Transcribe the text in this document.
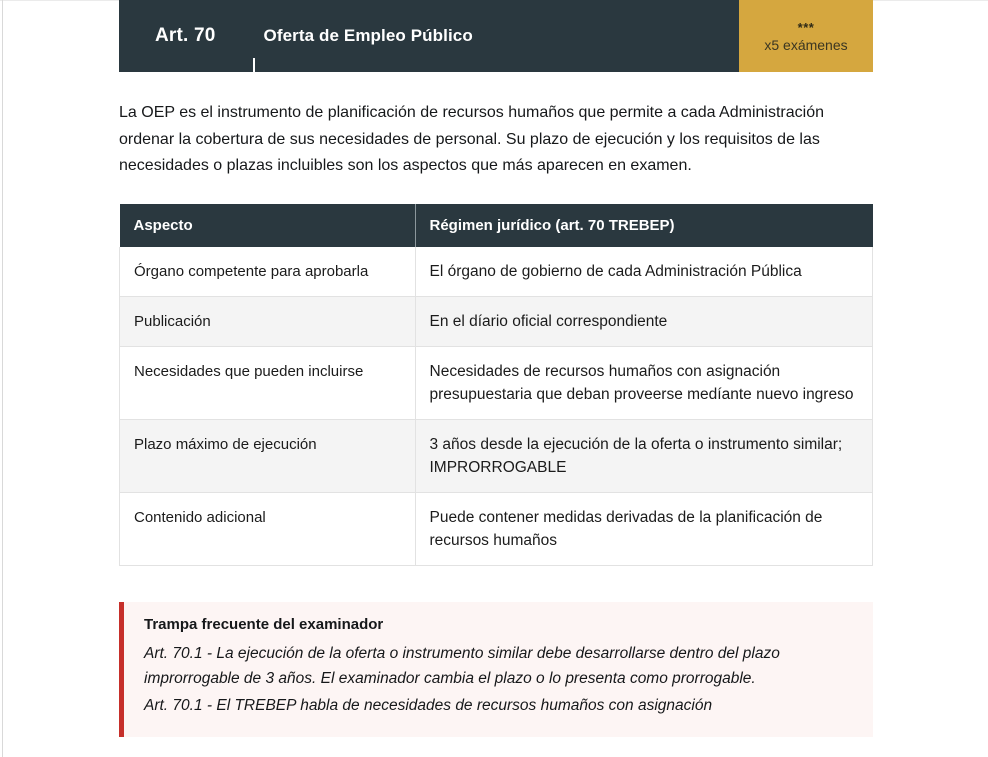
Art. 70	Oferta de Empleo Público	***
x5 exámenes

La OEP es el instrumento de planificación de recursos humaños que permite a cada Administración ordenar la cobertura de sus necesidades de personal. Su plazo de ejecución y los requisitos de las necesidades o plazas incluibles son los aspectos que más aparecen en examen.

Aspecto	Régimen jurídico (art. 70 TREBEP)
Órgano competente para aprobarla	El órgano de gobierno de cada Administración Pública
Publicación	En el díario oficial correspondiente
Necesidades que pueden incluirse	Necesidades de recursos humaños con asignación presupuestaria que deban proveerse medíante nuevo ingreso
Plazo máximo de ejecución	3 años desde la ejecución de la oferta o instrumento similar; IMPRORROGABLE
Contenido adicional	Puede contener medidas derivadas de la planificación de recursos humaños
Trampa frecuente del examinador

Art. 70.1 - La ejecución de la oferta o instrumento similar debe desarrollarse dentro del plazo improrrogable de 3 años. El examinador cambia el plazo o lo presenta como prorrogable.

Art. 70.1 - El TREBEP habla de necesidades de recursos humaños con asignación
